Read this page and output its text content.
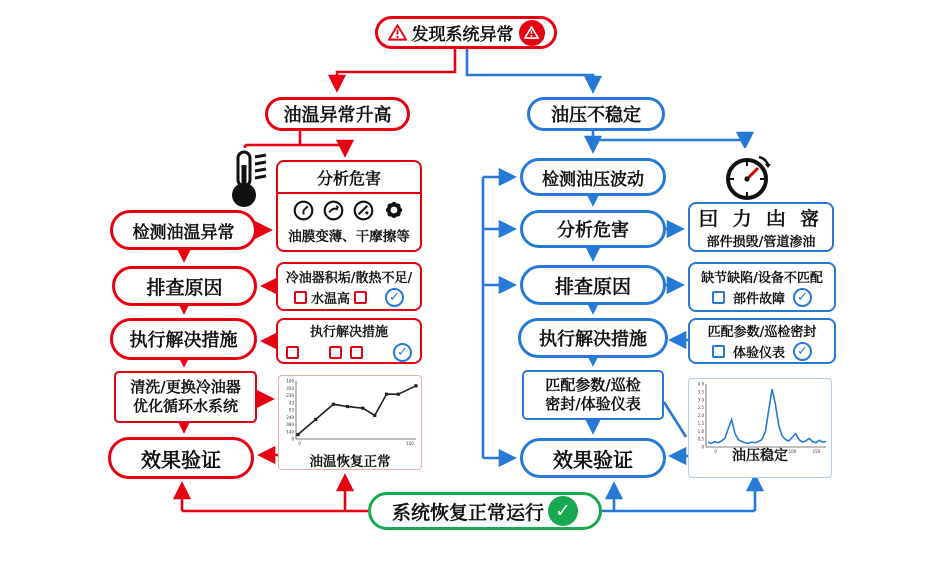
发现系统异常
油温异常升高	油压不稳定
检测油温异常
排查原因
执行解决措施
清洗/更换冷油器
优化循环水系统
效果验证
分析危害
油膜变薄、干摩擦等
冷油器积垢/散热不足/
水温高	✓
执行解决措施
✓
100
450
230
43
93
249
480
140
0
0	150
油温恢复正常
检测油压波动
分析危害
排查原因
执行解决措施
匹配参数/巡检
密封/体验仪表
效果验证
囙 力 凷 宻
部件损毁/管道渗油
缺节缺陷/设备不匹配
部件故障 ✓
匹配参数/巡检密封
体验仪表 ✓
4.0
3.5
3.0
2.5
2.0
1.5
1.0
0.5
0
0	100	150
油压稳定
系统恢复正常运行 ✓
